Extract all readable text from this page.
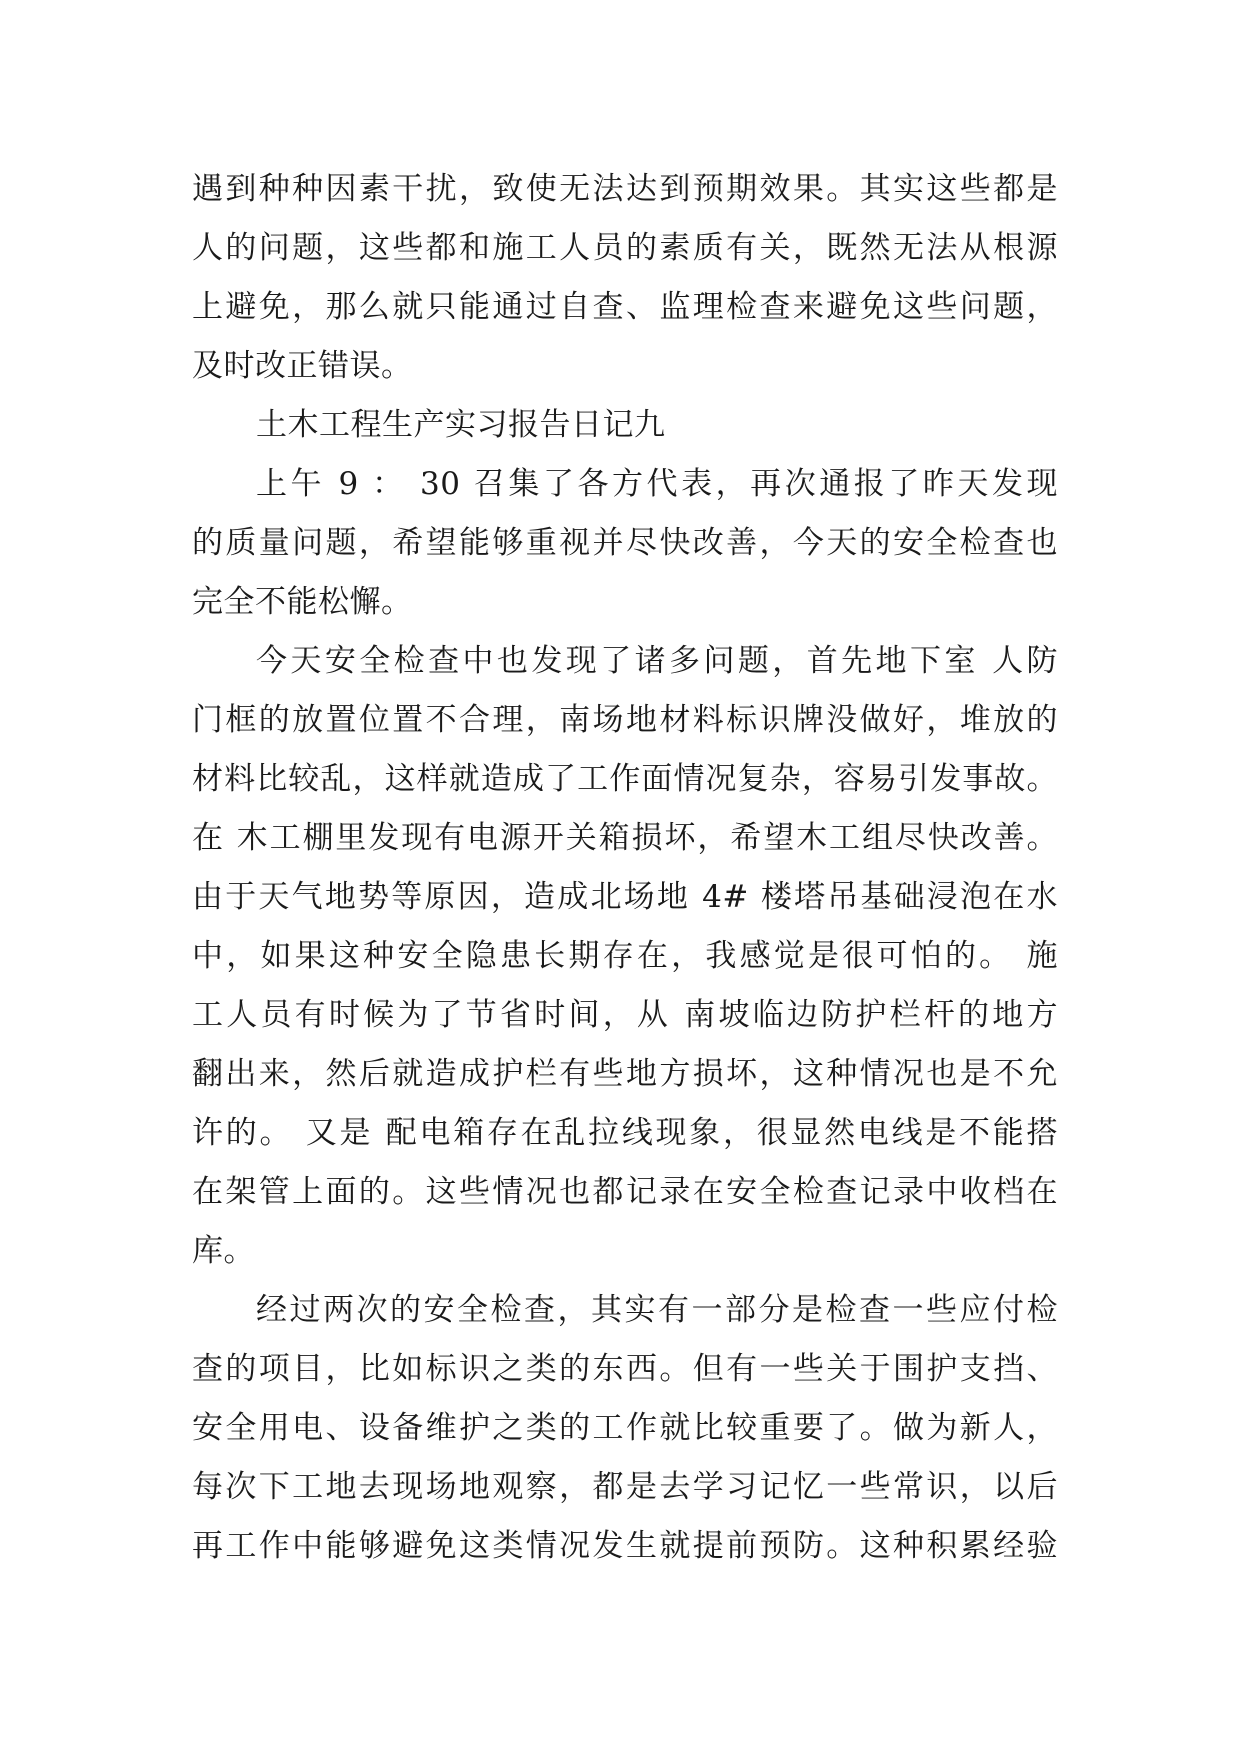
遇到种种因素干扰，致使无法达到预期效果。其实这些都是
人的问题，这些都和施工人员的素质有关，既然无法从根源
上避免，那么就只能通过自查、监理检查来避免这些问题，
及时改正错误。
土木工程生产实习报告日记九
上午 9 ： 30 召集了各方代表，再次通报了昨天发现
的质量问题，希望能够重视并尽快改善，今天的安全检查也
完全不能松懈。
今天安全检查中也发现了诸多问题，首先地下室 人防
门框的放置位置不合理，南场地材料标识牌没做好，堆放的
材料比较乱，这样就造成了工作面情况复杂，容易引发事故。
在 木工棚里发现有电源开关箱损坏，希望木工组尽快改善。
由于天气地势等原因，造成北场地 4# 楼塔吊基础浸泡在水
中，如果这种安全隐患长期存在，我感觉是很可怕的。 施
工人员有时候为了节省时间，从 南坡临边防护栏杆的地方
翻出来，然后就造成护栏有些地方损坏，这种情况也是不允
许的。 又是 配电箱存在乱拉线现象，很显然电线是不能搭
在架管上面的。这些情况也都记录在安全检查记录中收档在
库。
经过两次的安全检查，其实有一部分是检查一些应付检
查的项目，比如标识之类的东西。但有一些关于围护支挡、
安全用电、设备维护之类的工作就比较重要了。做为新人，
每次下工地去现场地观察，都是去学习记忆一些常识，以后
再工作中能够避免这类情况发生就提前预防。这种积累经验
